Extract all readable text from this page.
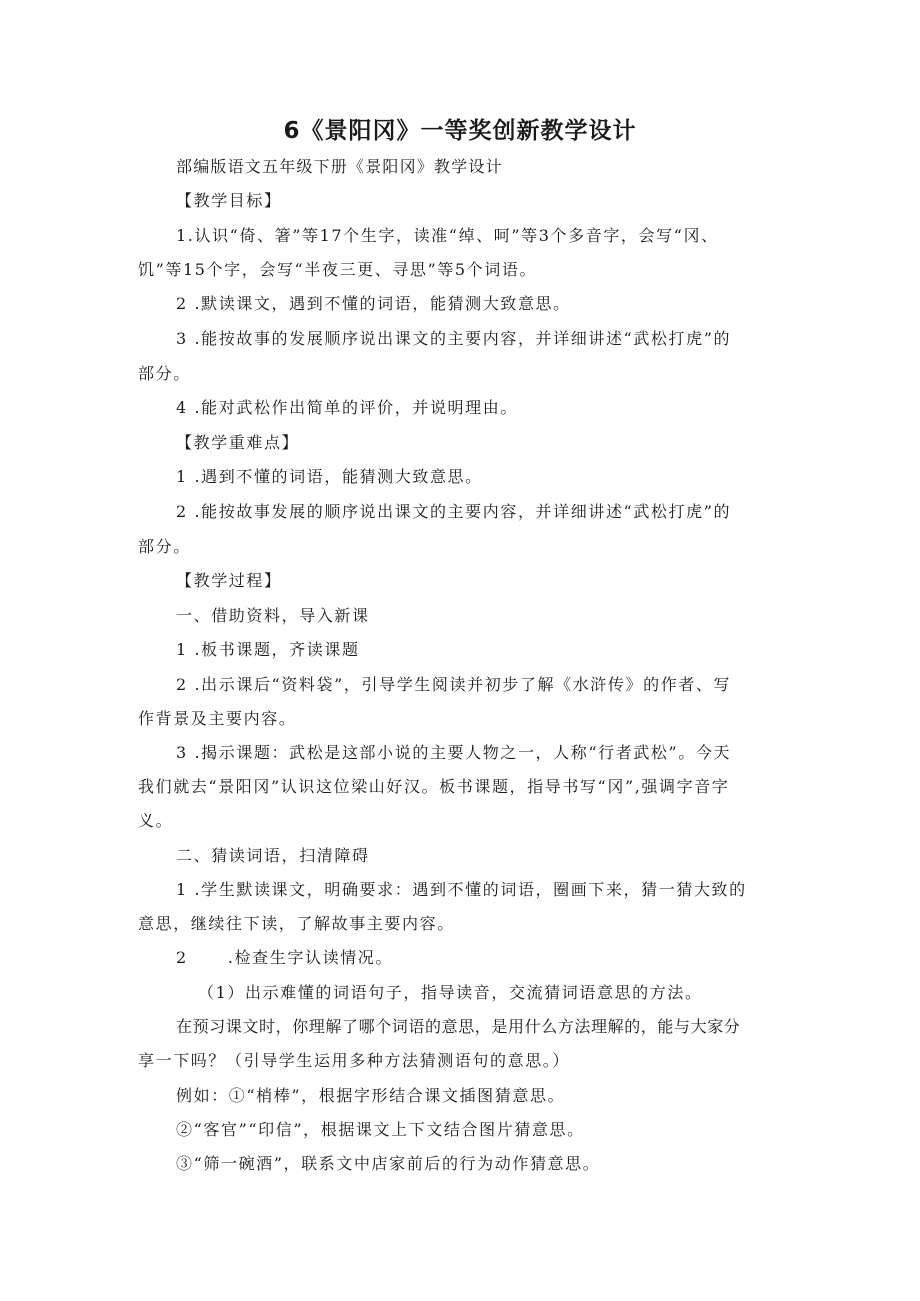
6《景阳冈》一等奖创新教学设计
部编版语文五年级下册《景阳冈》教学设计
【教学目标】
1.认识“倚、箸”等17个生字，读准“绰、呵”等3个多音字，会写“冈、
饥”等15个字，会写“半夜三更、寻思”等5个词语。
2 .默读课文，遇到不懂的词语，能猜测大致意思。
3 .能按故事的发展顺序说出课文的主要内容，并详细讲述“武松打虎”的
部分。
4 .能对武松作出简单的评价，并说明理由。
【教学重难点】
1 .遇到不懂的词语，能猜测大致意思。
2 .能按故事发展的顺序说出课文的主要内容，并详细讲述“武松打虎”的
部分。
【教学过程】
一、借助资料，导入新课
1 .板书课题，齐读课题
2 .出示课后“资料袋”，引导学生阅读并初步了解《水浒传》的作者、写
作背景及主要内容。
3 .揭示课题：武松是这部小说的主要人物之一，人称“行者武松”。今天
我们就去“景阳冈”认识这位梁山好汉。板书课题，指导书写“冈”,强调字音字
义。
二、猜读词语，扫清障碍
1 .学生默读课文，明确要求：遇到不懂的词语，圈画下来，猜一猜大致的
意思，继续往下读，了解故事主要内容。
2      .检查生字认读情况。
（1）出示难懂的词语句子，指导读音，交流猜词语意思的方法。
在预习课文时，你理解了哪个词语的意思，是用什么方法理解的，能与大家分
享一下吗？（引导学生运用多种方法猜测语句的意思。）
例如：①“梢棒”，根据字形结合课文插图猜意思。
②“客官”“印信”，根据课文上下文结合图片猜意思。
③“筛一碗酒”，联系文中店家前后的行为动作猜意思。
